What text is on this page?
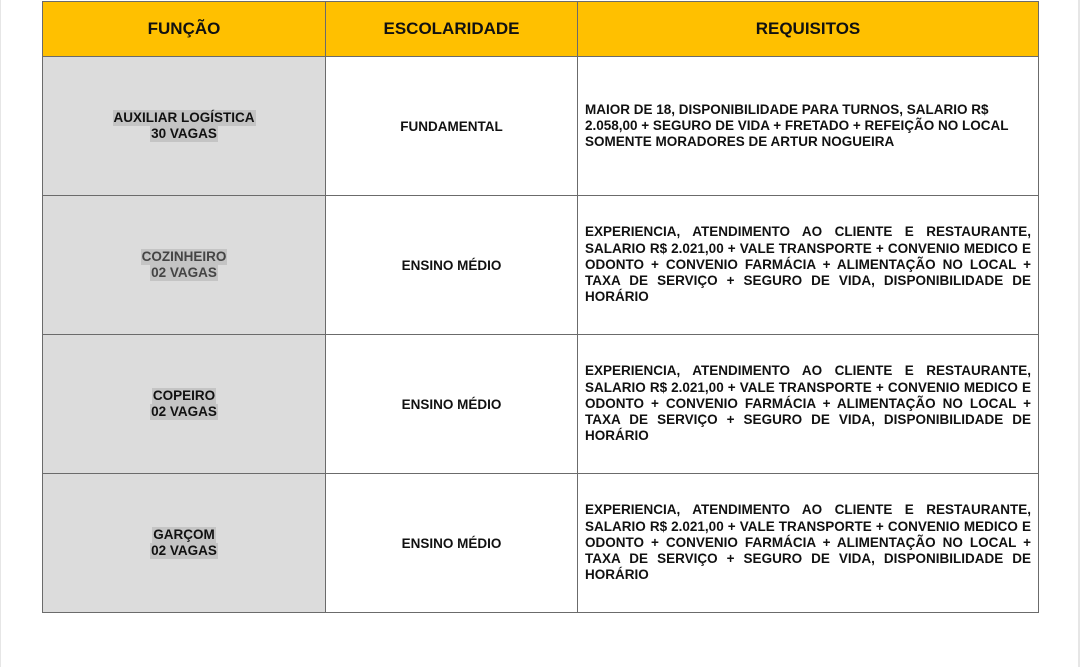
FUNÇÃO	ESCOLARIDADE	REQUISITOS
AUXILIAR LOGÍSTICA
30 VAGAS	FUNDAMENTAL	MAIOR DE 18, DISPONIBILIDADE PARA TURNOS, SALARIO R$ 2.058,00 + SEGURO DE VIDA + FRETADO + REFEIÇÃO NO LOCAL SOMENTE MORADORES DE ARTUR NOGUEIRA
COZINHEIRO
02 VAGAS	ENSINO MÉDIO	EXPERIENCIA, ATENDIMENTO AO CLIENTE E RESTAURANTE, SALARIO R$ 2.021,00 + VALE TRANSPORTE + CONVENIO MEDICO E ODONTO + CONVENIO FARMÁCIA + ALIMENTAÇÃO NO LOCAL + TAXA DE SERVIÇO + SEGURO DE VIDA, DISPONIBILIDADE DE HORÁRIO
COPEIRO
02 VAGAS	ENSINO MÉDIO	EXPERIENCIA, ATENDIMENTO AO CLIENTE E RESTAURANTE, SALARIO R$ 2.021,00 + VALE TRANSPORTE + CONVENIO MEDICO E ODONTO + CONVENIO FARMÁCIA + ALIMENTAÇÃO NO LOCAL + TAXA DE SERVIÇO + SEGURO DE VIDA, DISPONIBILIDADE DE HORÁRIO
GARÇOM
02 VAGAS	ENSINO MÉDIO	EXPERIENCIA, ATENDIMENTO AO CLIENTE E RESTAURANTE, SALARIO R$ 2.021,00 + VALE TRANSPORTE + CONVENIO MEDICO E ODONTO + CONVENIO FARMÁCIA + ALIMENTAÇÃO NO LOCAL + TAXA DE SERVIÇO + SEGURO DE VIDA, DISPONIBILIDADE DE HORÁRIO
